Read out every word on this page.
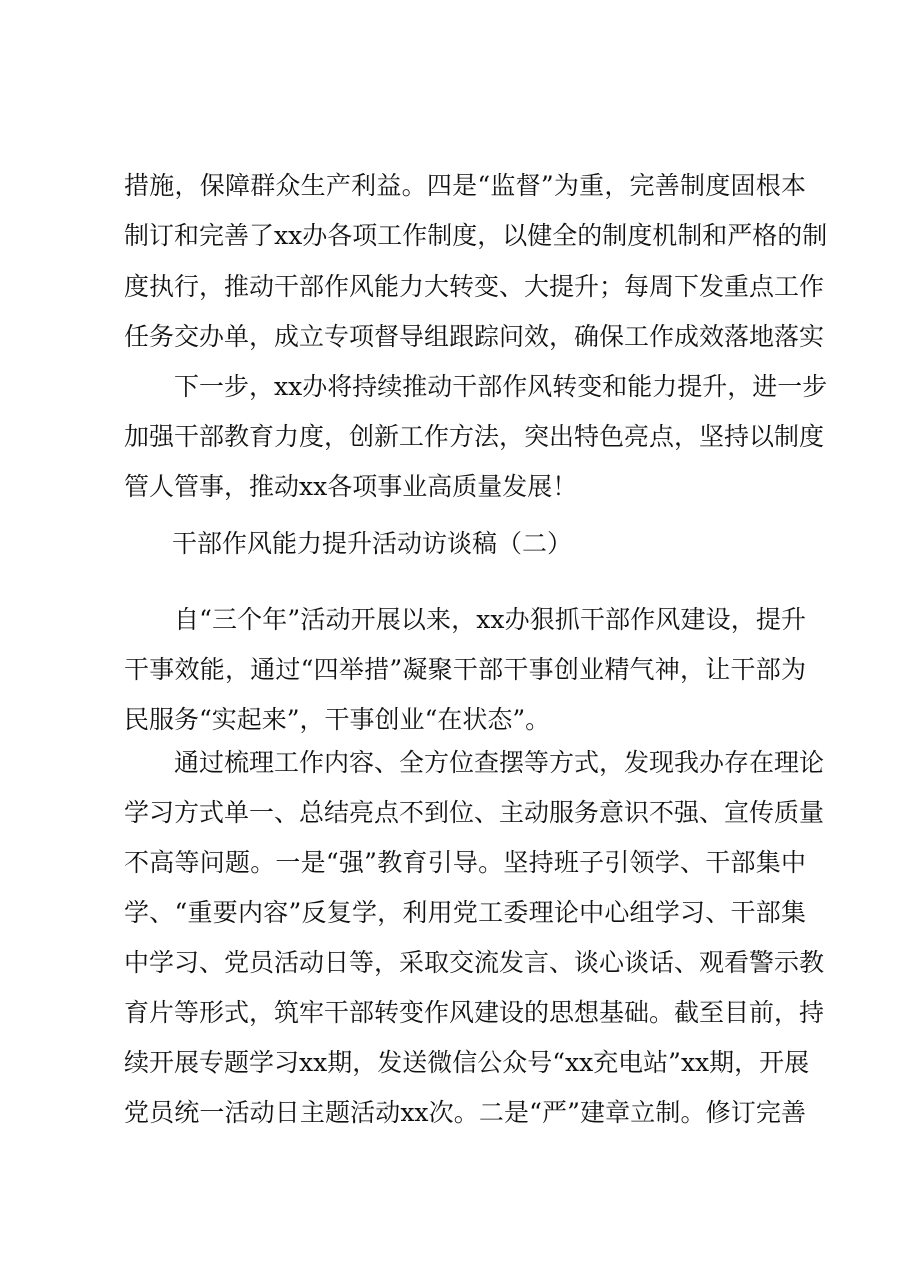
措施，保障群众生产利益。四是“监督”为重，完善制度固根本
制订和完善了xx办各项工作制度，以健全的制度机制和严格的制
度执行，推动干部作风能力大转变、大提升；每周下发重点工作
任务交办单，成立专项督导组跟踪问效，确保工作成效落地落实
下一步，xx办将持续推动干部作风转变和能力提升，进一步
加强干部教育力度，创新工作方法，突出特色亮点，坚持以制度
管人管事，推动xx各项事业高质量发展！
干部作风能力提升活动访谈稿（二）
自“三个年”活动开展以来，xx办狠抓干部作风建设，提升
干事效能，通过“四举措”凝聚干部干事创业精气神，让干部为
民服务“实起来”，干事创业“在状态”。
通过梳理工作内容、全方位查摆等方式，发现我办存在理论
学习方式单一、总结亮点不到位、主动服务意识不强、宣传质量
不高等问题。一是“强”教育引导。坚持班子引领学、干部集中
学、“重要内容”反复学，利用党工委理论中心组学习、干部集
中学习、党员活动日等，采取交流发言、谈心谈话、观看警示教
育片等形式，筑牢干部转变作风建设的思想基础。截至目前，持
续开展专题学习xx期，发送微信公众号“xx充电站”xx期，开展
党员统一活动日主题活动xx次。二是“严”建章立制。修订完善
